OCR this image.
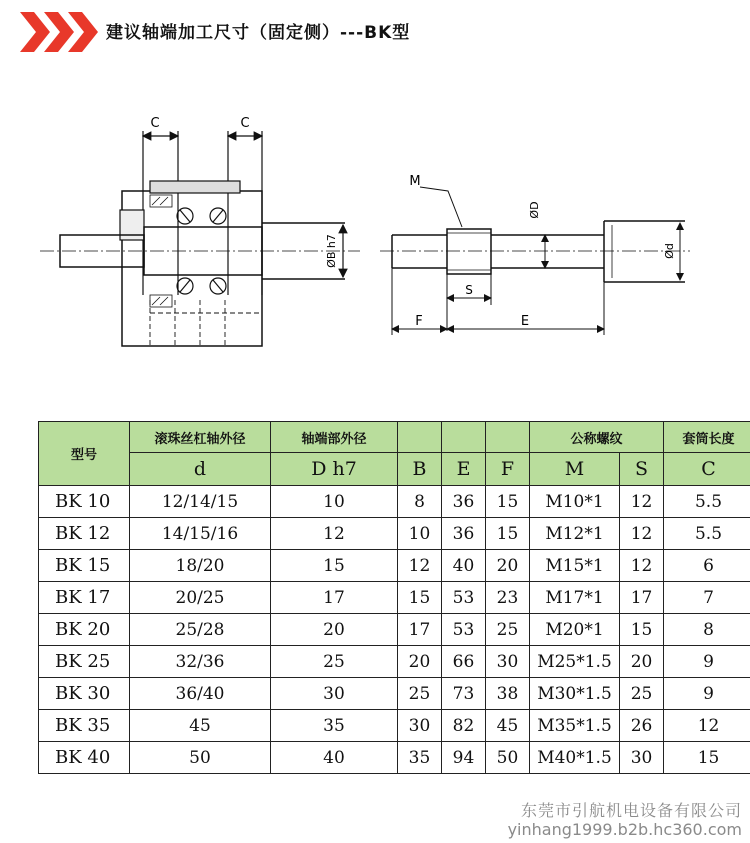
建议轴端加工尺寸（固定侧）---BK型
C	C
ØB h7
M
ØD
Ød
S
F	E
型号	滚珠丝杠轴外径	轴端部外径				公称螺纹		套筒长度
	d	D h7	B	E	F	M	S	C
BK 10	12/14/15	10	8	36	15	M10*1	12	5.5
BK 12	14/15/16	12	10	36	15	M12*1	12	5.5
BK 15	18/20	15	12	40	20	M15*1	12	6
BK 17	20/25	17	15	53	23	M17*1	17	7
BK 20	25/28	20	17	53	25	M20*1	15	8
BK 25	32/36	25	20	66	30	M25*1.5	20	9
BK 30	36/40	30	25	73	38	M30*1.5	25	9
BK 35	45	35	30	82	45	M35*1.5	26	12
BK 40	50	40	35	94	50	M40*1.5	30	15
东莞市引航机电设备有限公司
yinhang1999.b2b.hc360.com
